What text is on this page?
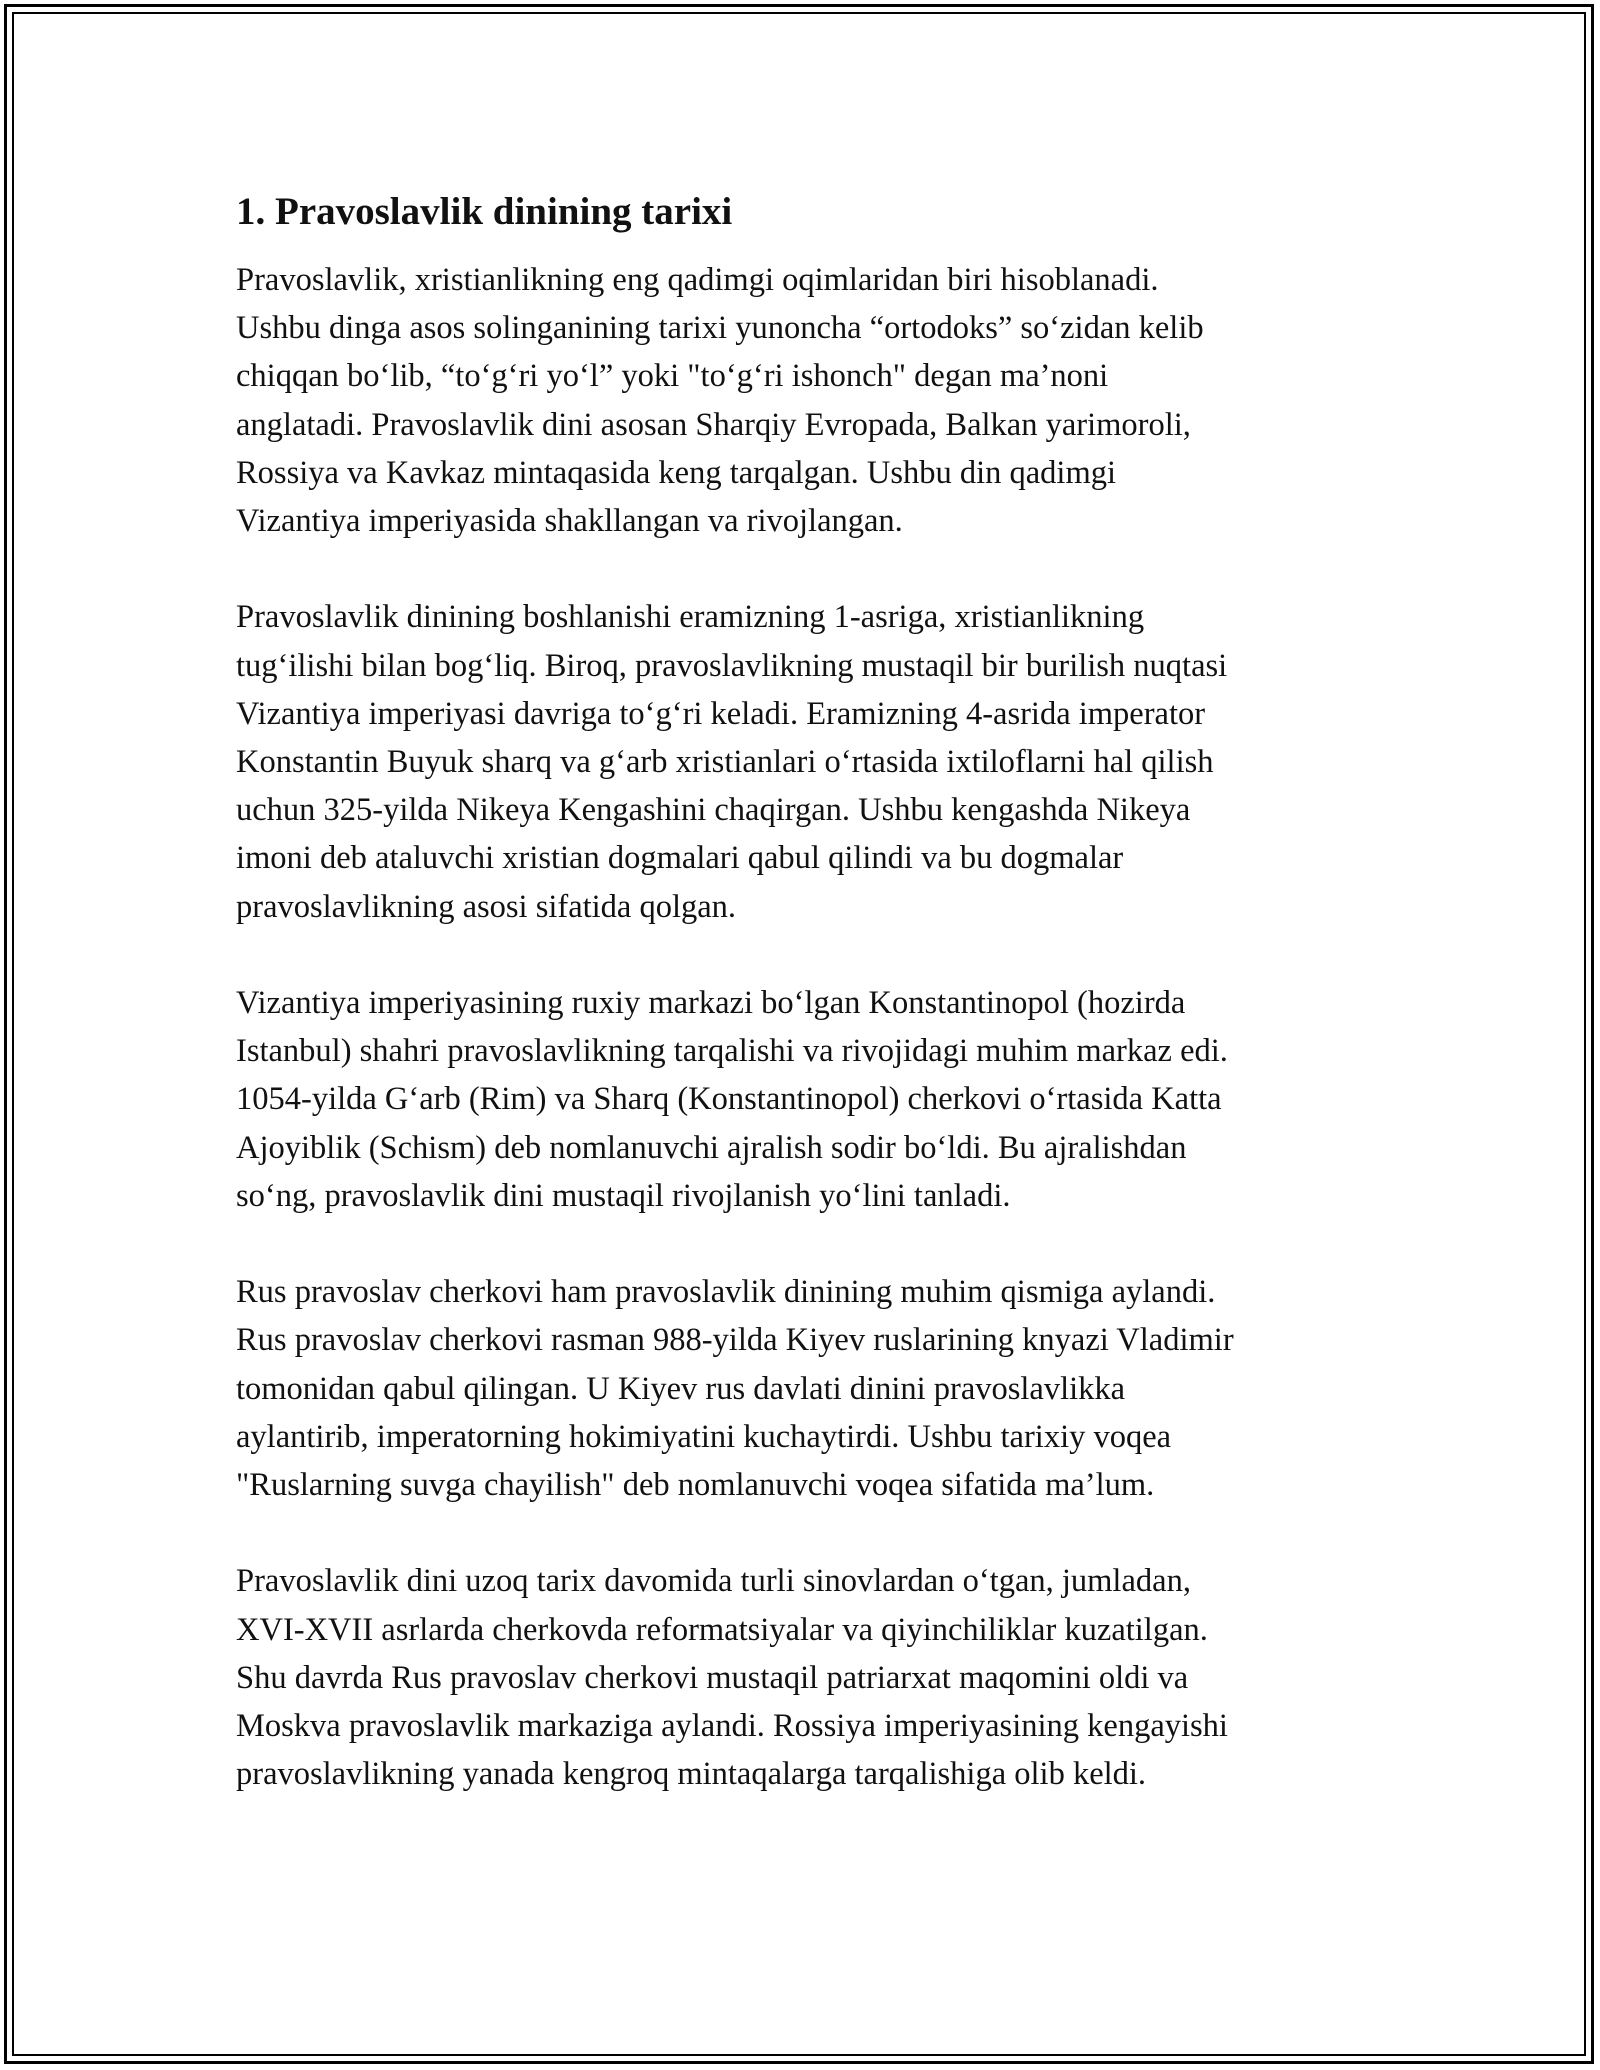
1. Pravoslavlik dinining tarixi
Pravoslavlik, xristianlikning eng qadimgi oqimlaridan biri hisoblanadi.
Ushbu dinga asos solinganining tarixi yunoncha “ortodoks” so‘zidan kelib
chiqqan bo‘lib, “to‘g‘ri yo‘l” yoki "to‘g‘ri ishonch" degan ma’noni
anglatadi. Pravoslavlik dini asosan Sharqiy Evropada, Balkan yarimoroli,
Rossiya va Kavkaz mintaqasida keng tarqalgan. Ushbu din qadimgi
Vizantiya imperiyasida shakllangan va rivojlangan.
Pravoslavlik dinining boshlanishi eramizning 1-asriga, xristianlikning
tug‘ilishi bilan bog‘liq. Biroq, pravoslavlikning mustaqil bir burilish nuqtasi
Vizantiya imperiyasi davriga to‘g‘ri keladi. Eramizning 4-asrida imperator
Konstantin Buyuk sharq va g‘arb xristianlari o‘rtasida ixtiloflarni hal qilish
uchun 325-yilda Nikeya Kengashini chaqirgan. Ushbu kengashda Nikeya
imoni deb ataluvchi xristian dogmalari qabul qilindi va bu dogmalar
pravoslavlikning asosi sifatida qolgan.
Vizantiya imperiyasining ruxiy markazi bo‘lgan Konstantinopol (hozirda
Istanbul) shahri pravoslavlikning tarqalishi va rivojidagi muhim markaz edi.
1054-yilda G‘arb (Rim) va Sharq (Konstantinopol) cherkovi o‘rtasida Katta
Ajoyiblik (Schism) deb nomlanuvchi ajralish sodir bo‘ldi. Bu ajralishdan
so‘ng, pravoslavlik dini mustaqil rivojlanish yo‘lini tanladi.
Rus pravoslav cherkovi ham pravoslavlik dinining muhim qismiga aylandi.
Rus pravoslav cherkovi rasman 988-yilda Kiyev ruslarining knyazi Vladimir
tomonidan qabul qilingan. U Kiyev rus davlati dinini pravoslavlikka
aylantirib, imperatorning hokimiyatini kuchaytirdi. Ushbu tarixiy voqea
"Ruslarning suvga chayilish" deb nomlanuvchi voqea sifatida ma’lum.
Pravoslavlik dini uzoq tarix davomida turli sinovlardan o‘tgan, jumladan,
XVI-XVII asrlarda cherkovda reformatsiyalar va qiyinchiliklar kuzatilgan.
Shu davrda Rus pravoslav cherkovi mustaqil patriarxat maqomini oldi va
Moskva pravoslavlik markaziga aylandi. Rossiya imperiyasining kengayishi
pravoslavlikning yanada kengroq mintaqalarga tarqalishiga olib keldi.
